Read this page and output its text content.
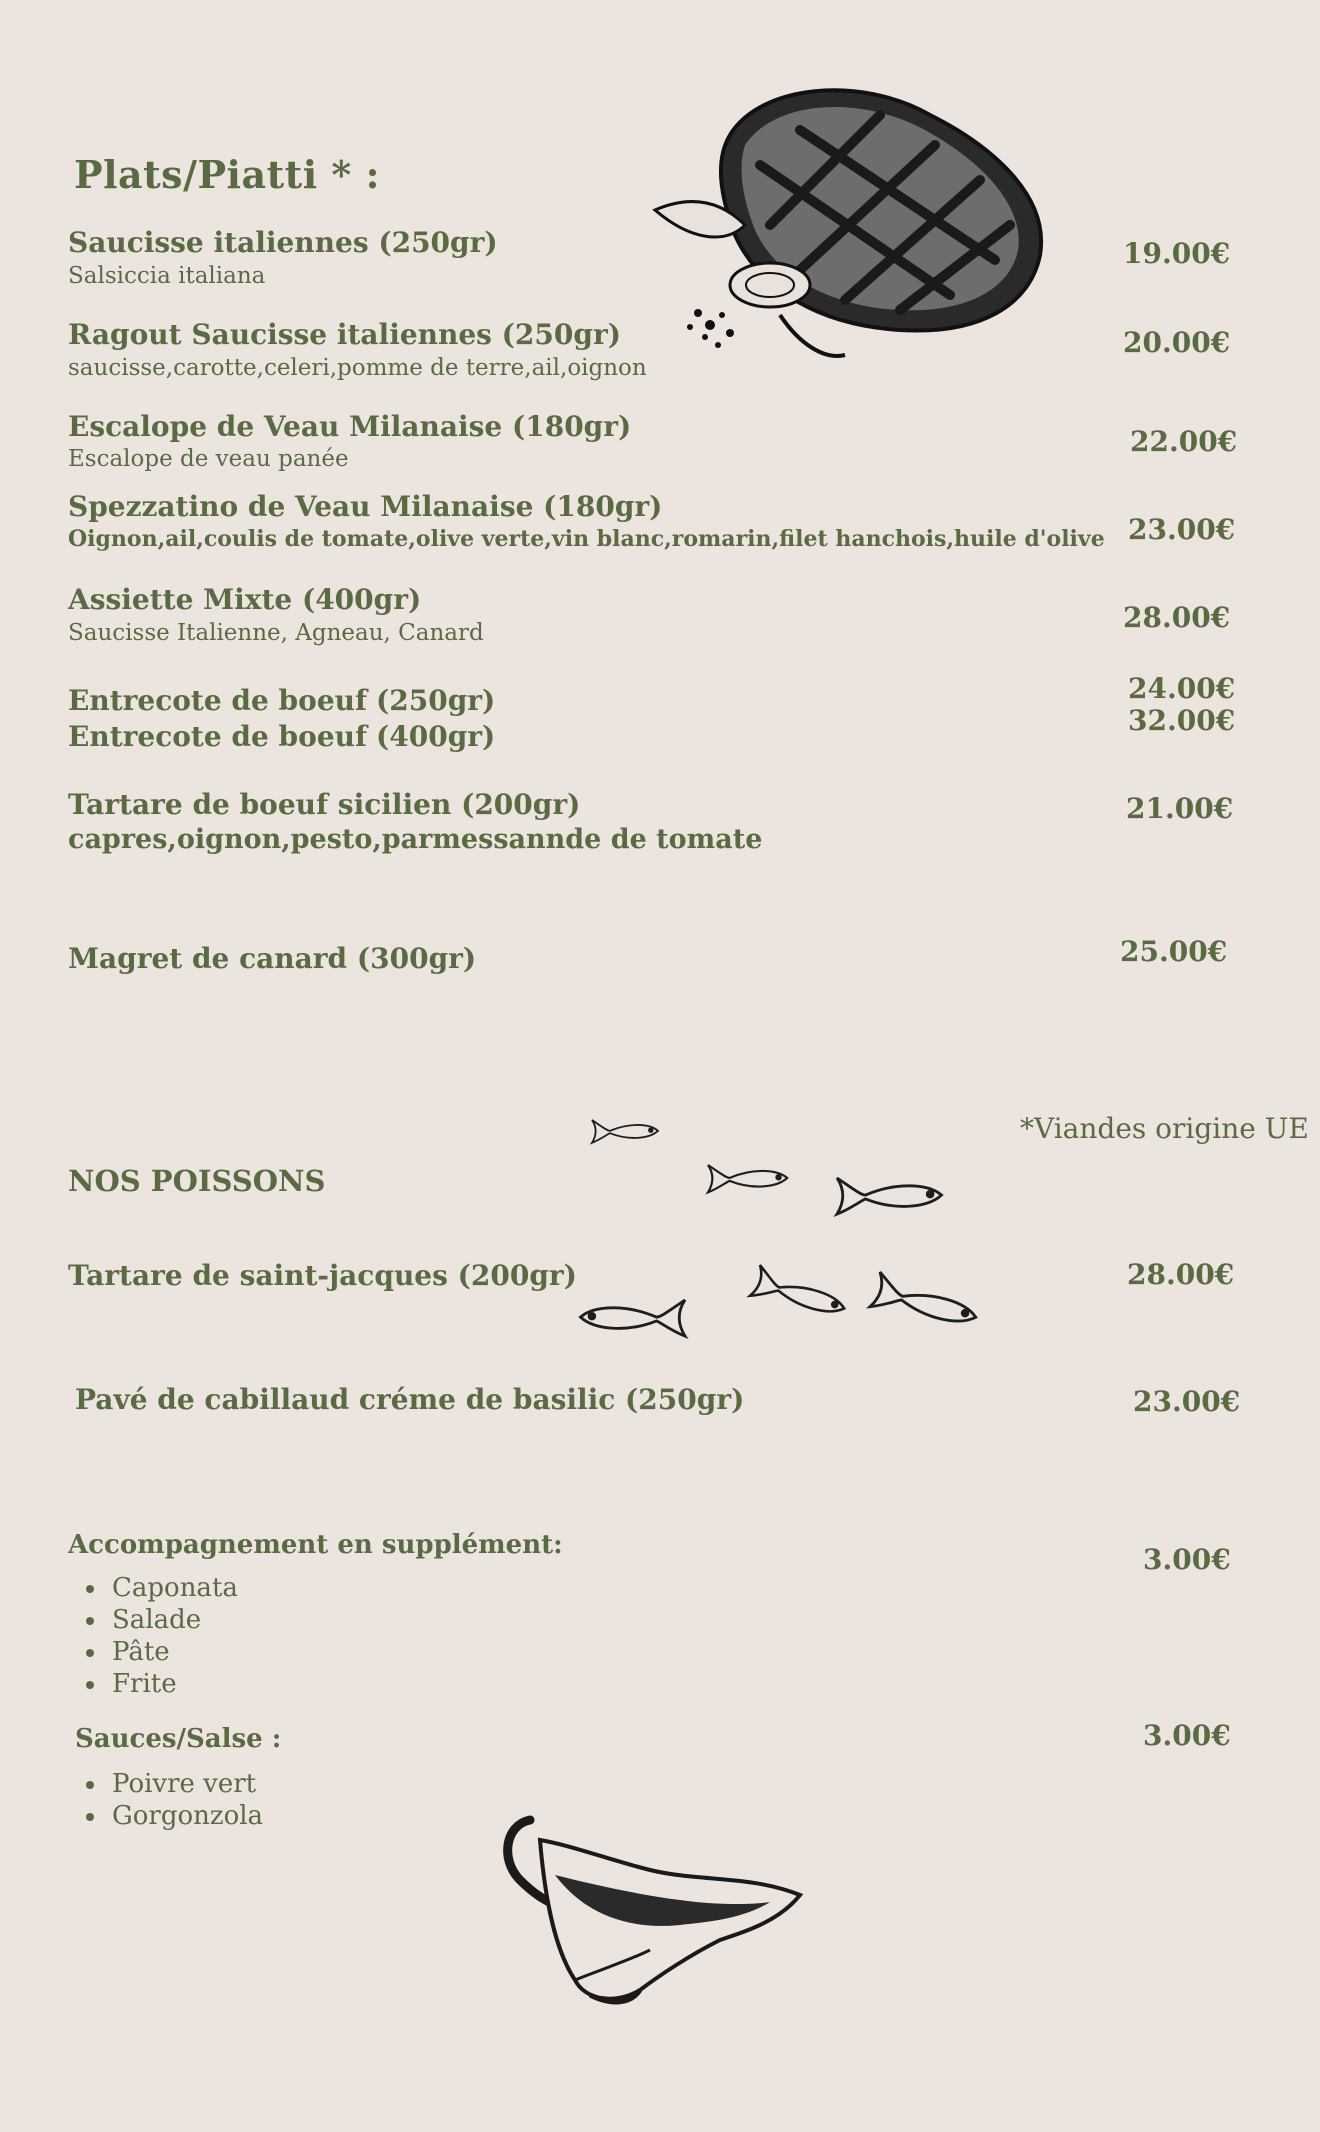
Plats/Piatti * :
Saucisse italiennes (250gr)
Salsiccia italiana
19.00€
Ragout Saucisse italiennes (250gr)
saucisse,carotte,celeri,pomme de terre,ail,oignon
20.00€
Escalope de Veau Milanaise (180gr)
Escalope de veau panée
22.00€
Spezzatino de Veau Milanaise (180gr)
Oignon,ail,coulis de tomate,olive verte,vin blanc,romarin,filet hanchois,huile d'olive 23.00€
Assiette Mixte (400gr)
Saucisse Italienne, Agneau, Canard	28.00€
Entrecote de boeuf (250gr)	24.00€
Entrecote de boeuf (400gr)	32.00€
Tartare de boeuf sicilien (200gr)
capres,oignon,pesto,parmessannde de tomate
21.00€
Magret de canard (300gr)	25.00€
*Viandes origine UE
NOS POISSONS
Tartare de saint-jacques (200gr)	28.00€
Pavé de cabillaud créme de basilic (250gr)	23.00€
Accompagnement en supplément:	3.00€
• Caponata
• Salade
• Pâte
• Frite
Sauces/Salse :	3.00€
• Poivre vert
• Gorgonzola
